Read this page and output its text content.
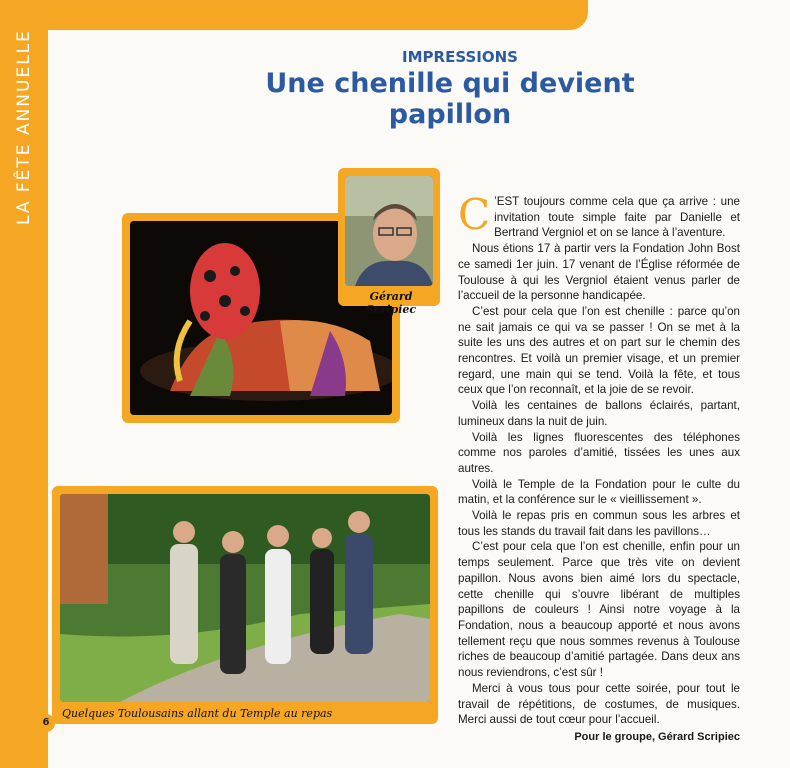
LA FÊTE ANNUELLE	IMPRESSIONS
Une chenille qui devient papillon
Gérard Scripiec
Quelques Toulousains allant du Temple au repas
6
C ’EST toujours comme cela que ça arrive : une invitation toute simple faite par Danielle et Bertrand Vergniol et on se lance à l’aventure.

Nous étions 17 à partir vers la Fondation John Bost ce samedi 1er juin. 17 venant de l’Église réformée de Toulouse à qui les Vergniol étaient venus parler de l’accueil de la personne handicapée.

C’est pour cela que l’on est chenille : parce qu’on ne sait jamais ce qui va se passer ! On se met à la suite les uns des autres et on part sur le chemin des rencontres. Et voilà un premier visage, et un premier regard, une main qui se tend. Voilà la fête, et tous ceux que l’on reconnaît, et la joie de se revoir.

Voilà les centaines de ballons éclairés, partant, lumineux dans la nuit de juin.

Voilà les lignes fluorescentes des téléphones comme nos paroles d’amitié, tissées les unes aux autres.

Voilà le Temple de la Fondation pour le culte du matin, et la conférence sur le « vieillissement ».

Voilà le repas pris en commun sous les arbres et tous les stands du travail fait dans les pavillons…

C’est pour cela que l’on est chenille, enfin pour un temps seulement. Parce que très vite on devient papillon. Nous avons bien aimé lors du spectacle, cette chenille qui s’ouvre libérant de multiples papillons de couleurs ! Ainsi notre voyage à la Fondation, nous a beaucoup apporté et nous avons tellement reçu que nous sommes revenus à Toulouse riches de beaucoup d’amitié partagée. Dans deux ans nous reviendrons, c’est sûr !

Merci à vous tous pour cette soirée, pour tout le travail de répétitions, de costumes, de musiques. Merci aussi de tout cœur pour l’accueil.

Pour le groupe, Gérard Scripiec
